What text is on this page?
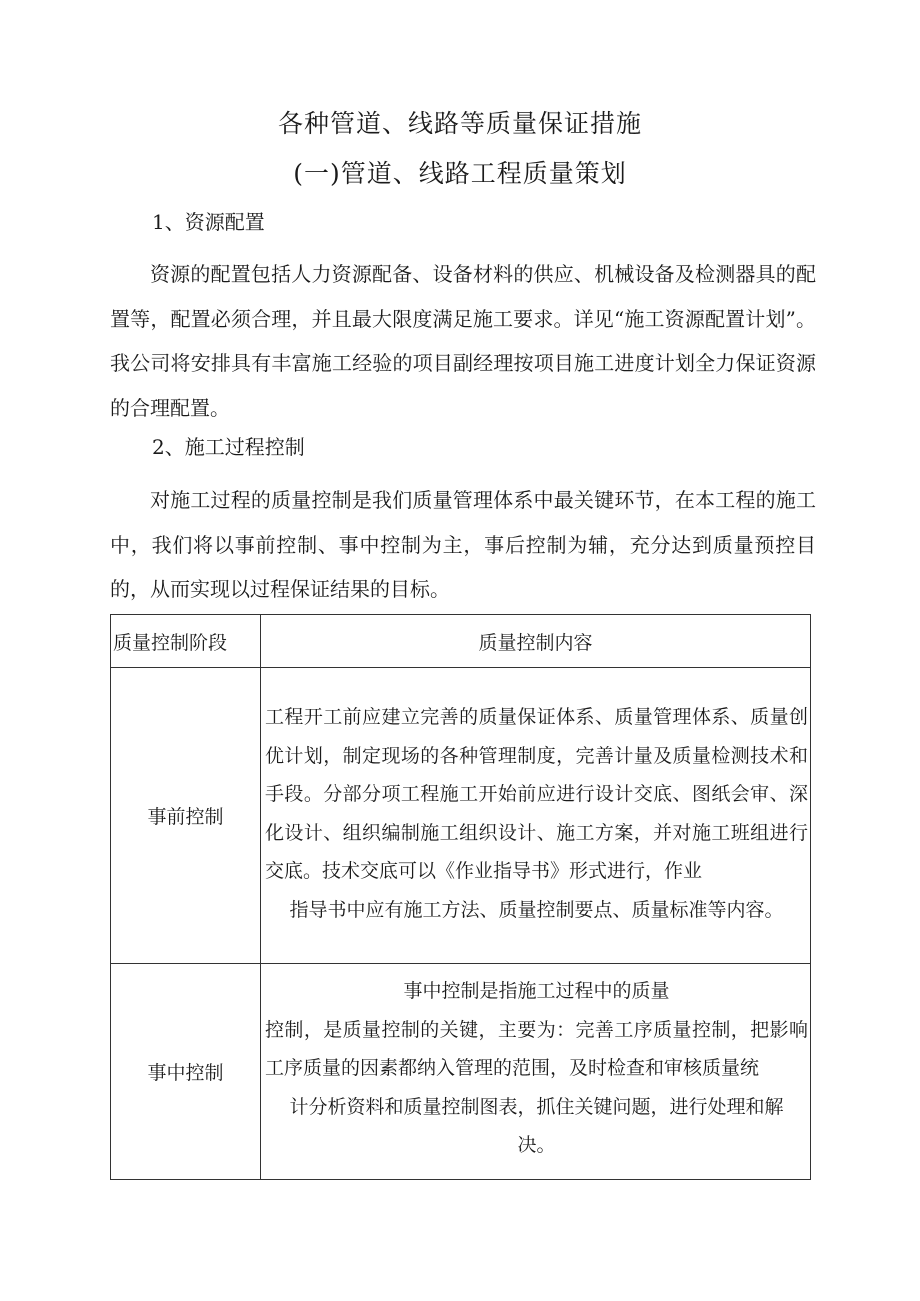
各种管道、线路等质量保证措施
(一)管道、线路工程质量策划
1、资源配置
资源的配置包括人力资源配备、设备材料的供应、机械设备及检测器具的配置等，配置必须合理，并且最大限度满足施工要求。详见“施工资源配置计划”。我公司将安排具有丰富施工经验的项目副经理按项目施工进度计划全力保证资源的合理配置。
2、施工过程控制
对施工过程的质量控制是我们质量管理体系中最关键环节，在本工程的施工中，我们将以事前控制、事中控制为主，事后控制为辅，充分达到质量预控目的，从而实现以过程保证结果的目标。
质量控制阶段	质量控制内容
事前控制	工程开工前应建立完善的质量保证体系、质量管理体系、质量创优计划，制定现场的各种管理制度，完善计量及质量检测技术和手段。分部分项工程施工开始前应进行设计交底、图纸会审、深化设计、组织编制施工组织设计、施工方案，并对施工班组进行交底。技术交底可以《作业指导书》形式进行，作业
指导书中应有施工方法、质量控制要点、质量标准等内容。

事中控制	事中控制是指施工过程中的质量
控制，是质量控制的关键，主要为：完善工序质量控制，把影响工序质量的因素都纳入管理的范围，及时检查和审核质量统
计分析资料和质量控制图表，抓住关键问题，进行处理和解
决。
